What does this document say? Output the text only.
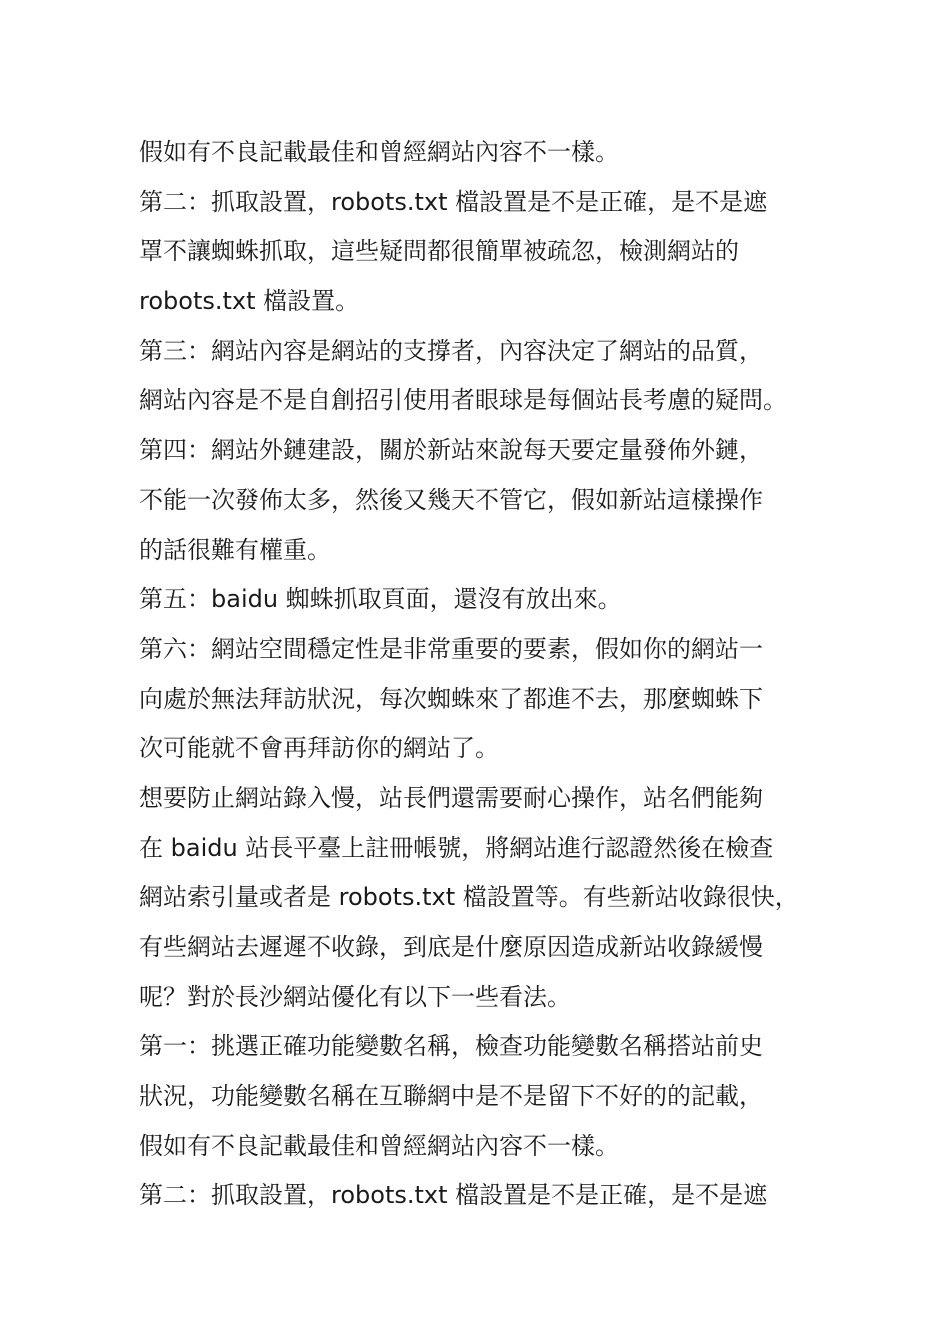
假如有不良記載最佳和曾經網站內容不一樣。
第二：抓取設置，robots.txt 檔設置是不是正確，是不是遮
罩不讓蜘蛛抓取，這些疑問都很簡單被疏忽，檢測網站的
robots.txt 檔設置。
第三：網站內容是網站的支撐者，內容決定了網站的品質，
網站內容是不是自創招引使用者眼球是每個站長考慮的疑問。
第四：網站外鏈建設，關於新站來說每天要定量發佈外鏈，
不能一次發佈太多，然後又幾天不管它，假如新站這樣操作
的話很難有權重。
第五：baidu 蜘蛛抓取頁面，還沒有放出來。
第六：網站空間穩定性是非常重要的要素，假如你的網站一
向處於無法拜訪狀況，每次蜘蛛來了都進不去，那麼蜘蛛下
次可能就不會再拜訪你的網站了。
想要防止網站錄入慢，站長們還需要耐心操作，站名們能夠
在 baidu 站長平臺上註冊帳號，將網站進行認證然後在檢查
網站索引量或者是 robots.txt 檔設置等。有些新站收錄很快，
有些網站去遲遲不收錄，到底是什麼原因造成新站收錄緩慢
呢？對於長沙網站優化有以下一些看法。
第一：挑選正確功能變數名稱，檢查功能變數名稱搭站前史
狀況，功能變數名稱在互聯網中是不是留下不好的的記載，
假如有不良記載最佳和曾經網站內容不一樣。
第二：抓取設置，robots.txt 檔設置是不是正確，是不是遮
